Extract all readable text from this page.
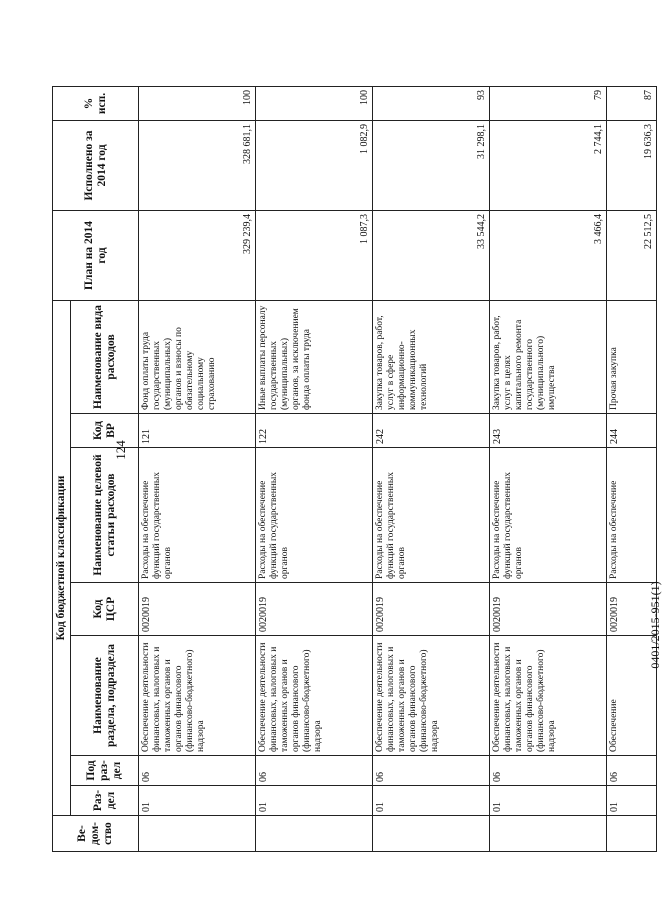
124
Ве-дом-ство	Код бюджетной классификации							План на 2014 год	Исполнено за 2014 год	% исп.
	Раз-дел	Под раз-дел	Наименование раздела, подраздела	Код ЦСР	Наименование целевой статьи расходов	Код ВР	Наименование вида расходов			
	01	06	Обеспечение деятельности финансовых, налоговых и таможенных органов и органов финансового (финансово-бюджетного) надзора	0020019	Расходы на обеспечение функций государственных органов	121	Фонд оплаты труда государственных (муниципальных) органов и взносы по обязательному социальному страхованию	329 239,4	328 681,1	100
	01	06	Обеспечение деятельности финансовых, налоговых и таможенных органов и органов финансового (финансово-бюджетного) надзора	0020019	Расходы на обеспечение функций государственных органов	122	Иные выплаты персоналу государственных (муниципальных) органов, за исключением фонда оплаты труда	1 087,3	1 082,9	100
	01	06	Обеспечение деятельности финансовых, налоговых и таможенных органов и органов финансового (финансово-бюджетного) надзора	0020019	Расходы на обеспечение функций государственных органов	242	Закупка товаров, работ, услуг в сфере информационно-коммуникационных технологий	33 544,2	31 298,1	93
	01	06	Обеспечение деятельности финансовых, налоговых и таможенных органов и органов финансового (финансово-бюджетного) надзора	0020019	Расходы на обеспечение функций государственных органов	243	Закупка товаров, работ, услуг в целях капитального ремонта государственного (муниципального) имущества	3 466,4	2 744,1	79
	01	06	Обеспечение	0020019	Расходы на обеспечение	244	Прочая закупка	22 512,5	19 636,3	87
0401/2015-951(1)
